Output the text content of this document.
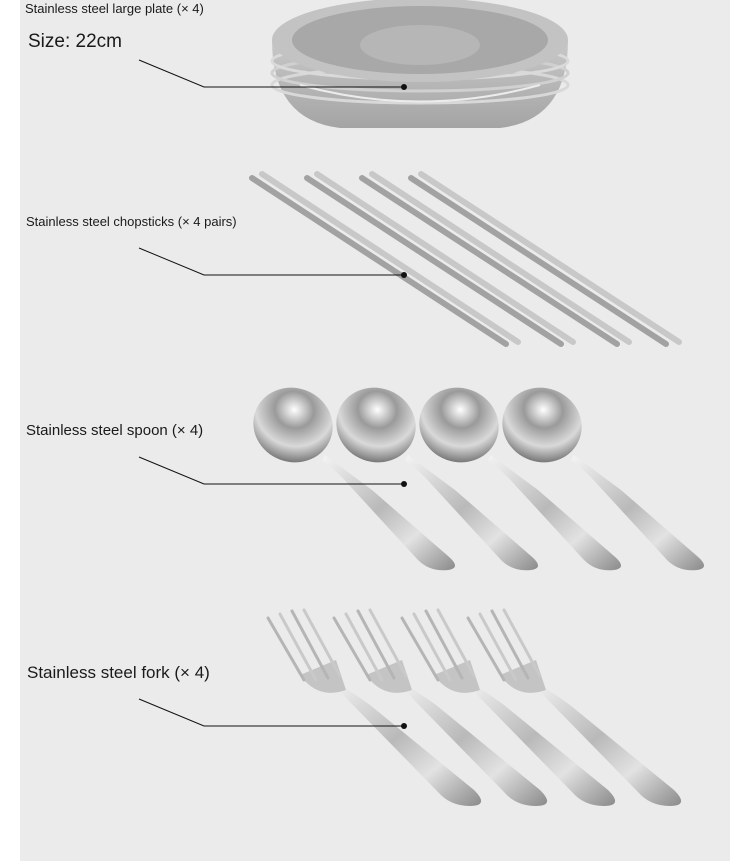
Stainless steel large plate (× 4)
Size: 22cm
Stainless steel chopsticks (× 4 pairs)
Stainless steel spoon (× 4)
Stainless steel fork (× 4)
